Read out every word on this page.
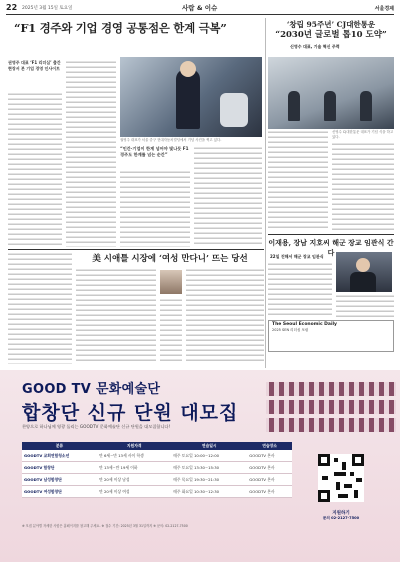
22 2025년 3월 15일 토요일	사람 & 이슈	서울경제
“F1 경주와 기업 경영 공통점은 한계 극복”
권영주 대표 ‘F1 리더십’ 출간
현장서 본 기업 경영 인사이트
권영주 대표가 서울 중구 현대자동차빌딩에서 기념 사진을 찍고 있다.
“인간·기업이 한계 넘어야 빛나듯 F1 경주도 한계를 넘는 순간”
‘창립 95주년’ CJ대한통운
“2030년 글로벌 톱10 도약”
신영수 대표, 기술 혁신 주력
신영수 CJ대한통운 대표가 기념 식을 하고 있다.
이재용, 장남 지호씨 해군 장교 임관식 간다
22일 진해서 해군 장교 임관식
The Seoul Economic Daily
2025 SEN 리더십 포럼
美 시애틀 시장에 ‘여성 만다니’ 뜨는 당선
GOOD TV 문화예술단
합창단 신규 단원 대모집
찬양으로 하나님께 영광 돌리는 GOODTV 문화예술단 신규 단원을 대모집합니다!
분류	지원자격	연습일시	연습장소
GOODTV 교회연합청소년	만 6세~만 13세 사이 학생	매주 토요일 10:00~12:00	GOODTV 본사
GOODTV 합창단	만 13세~만 19세 이하	매주 토요일 13:30~15:30	GOODTV 본사
GOODTV 남성합창단	만 20세 이상 남성	매주 목요일 19:30~21:30	GOODTV 본사
GOODTV 여성합창단	만 20세 이상 여성	매주 화요일 10:30~12:30	GOODTV 본사
※ 모집 분야별 자세한 사항은 홈페이지를 참고해 주세요. ※ 접수 기간: 2025년 3월 31일까지 ※ 문의: 02-2127-7500
지원하기
문의 02-2127-7500
